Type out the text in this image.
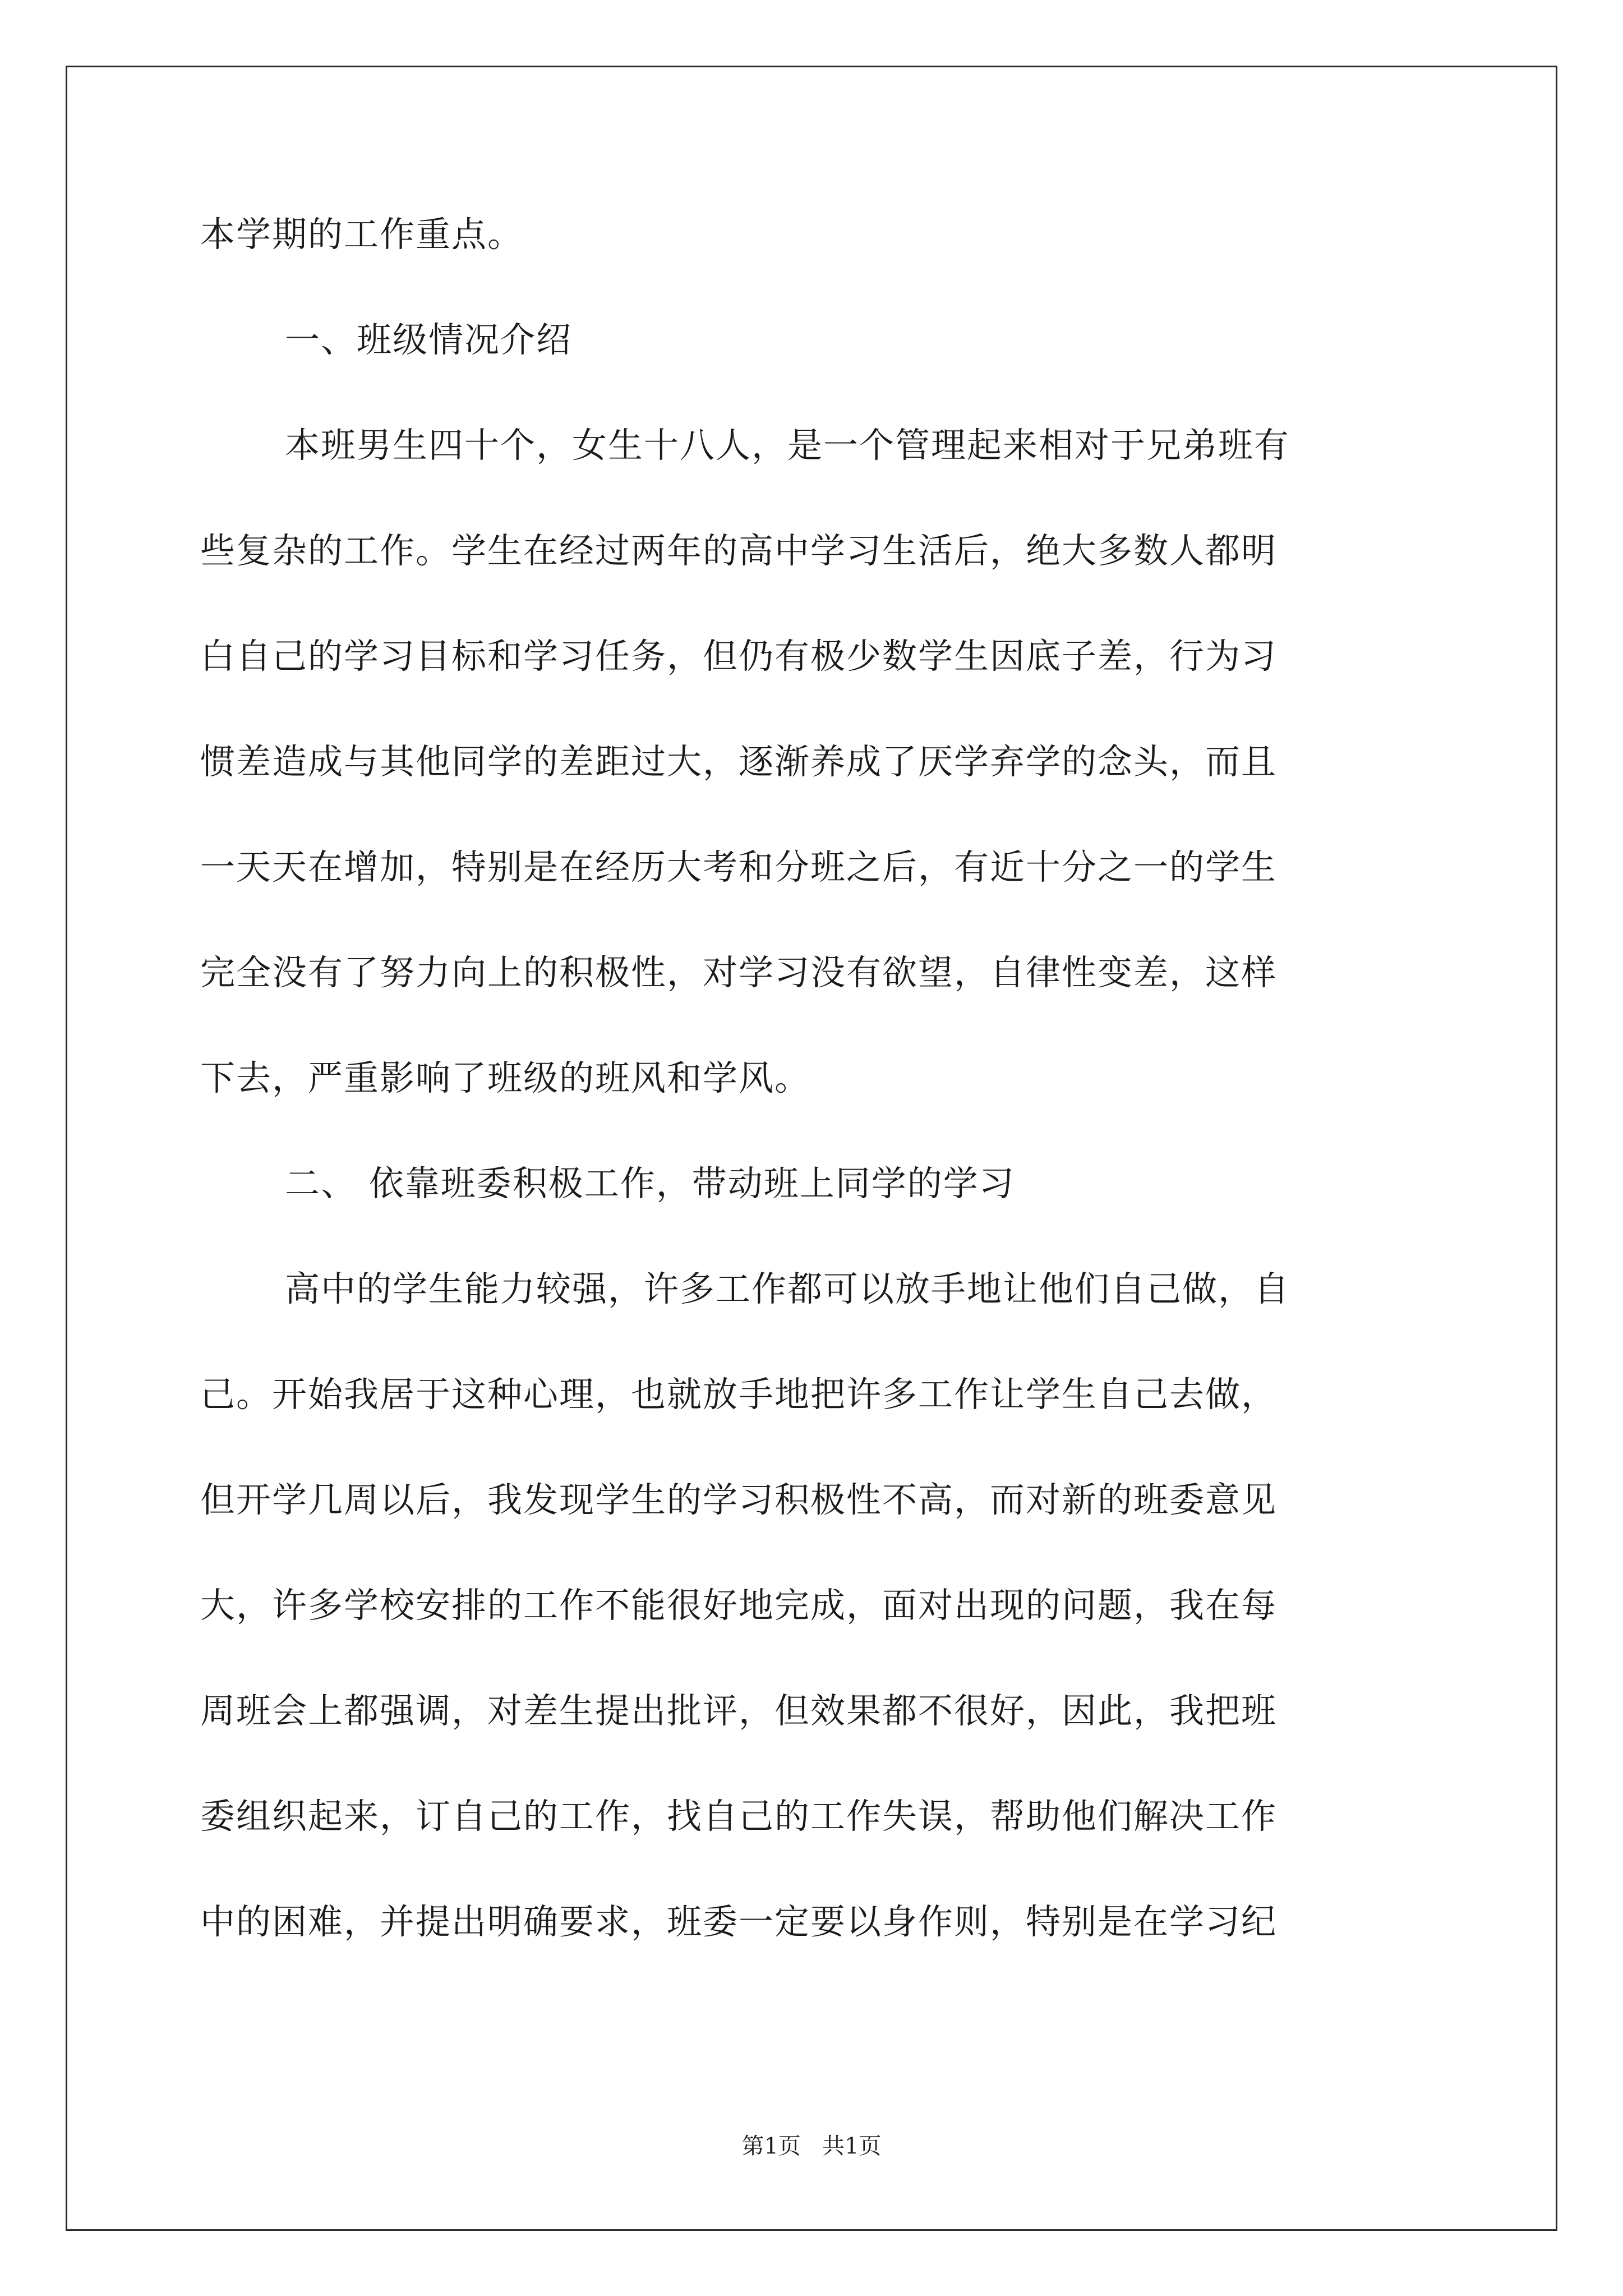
本学期的工作重点。
一、班级情况介绍
本班男生四十个，女生十八人，是一个管理起来相对于兄弟班有
些复杂的工作。学生在经过两年的高中学习生活后，绝大多数人都明
白自己的学习目标和学习任务，但仍有极少数学生因底子差，行为习
惯差造成与其他同学的差距过大，逐渐养成了厌学弃学的念头，而且
一天天在增加，特别是在经历大考和分班之后，有近十分之一的学生
完全没有了努力向上的积极性，对学习没有欲望，自律性变差，这样
下去，严重影响了班级的班风和学风。
二、 依靠班委积极工作，带动班上同学的学习
高中的学生能力较强，许多工作都可以放手地让他们自己做，自
己。开始我居于这种心理，也就放手地把许多工作让学生自己去做，
但开学几周以后，我发现学生的学习积极性不高，而对新的班委意见
大，许多学校安排的工作不能很好地完成，面对出现的问题，我在每
周班会上都强调，对差生提出批评，但效果都不很好，因此，我把班
委组织起来，订自己的工作，找自己的工作失误，帮助他们解决工作
中的困难，并提出明确要求，班委一定要以身作则，特别是在学习纪
第1页   共1页
